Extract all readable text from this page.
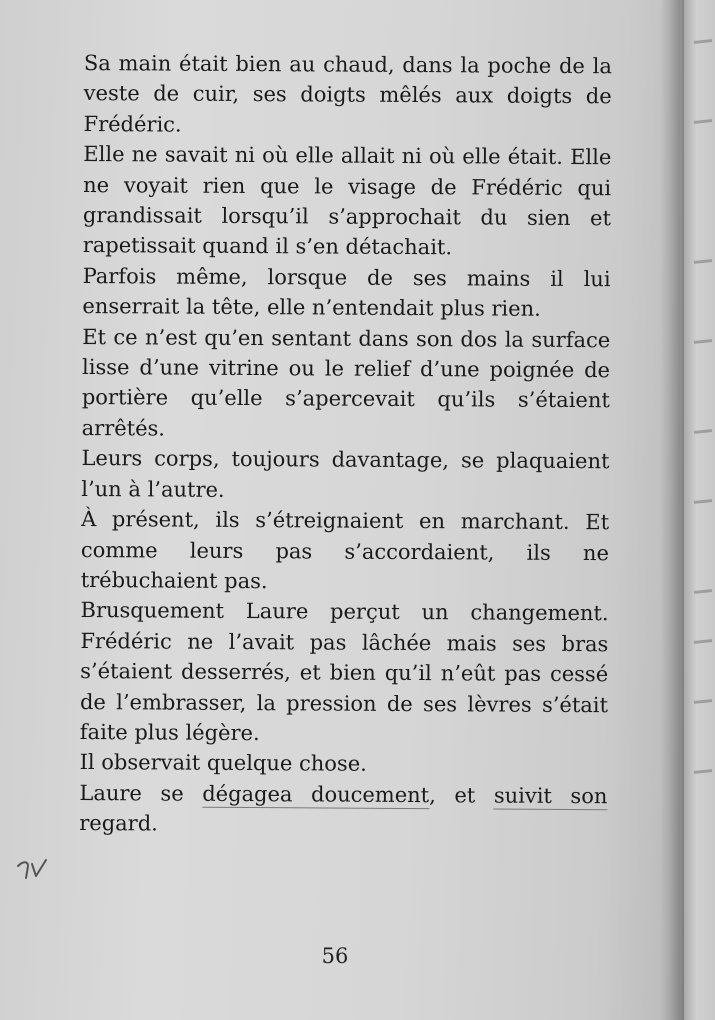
Sa main était bien au chaud, dans la poche de la veste de cuir, ses doigts mêlés aux doigts de Frédéric.

Elle ne savait ni où elle allait ni où elle était. Elle ne voyait rien que le visage de Frédéric qui grandissait lorsqu’il s’approchait du sien et rapetissait quand il s’en détachait.

Parfois même, lorsque de ses mains il lui enserrait la tête, elle n’entendait plus rien.

Et ce n’est qu’en sentant dans son dos la surface lisse d’une vitrine ou le relief d’une poignée de portière qu’elle s’apercevait qu’ils s’étaient arrêtés.

Leurs corps, toujours davantage, se plaquaient l’un à l’autre.

À présent, ils s’étreignaient en marchant. Et comme leurs pas s’accordaient, ils ne trébuchaient pas.

Brusquement Laure perçut un changement. Frédéric ne l’avait pas lâchée mais ses bras s’étaient desserrés, et bien qu’il n’eût pas cessé de l’embrasser, la pression de ses lèvres s’était faite plus légère.

Il observait quelque chose.

Laure se dégagea doucement, et suivit son regard.

56
